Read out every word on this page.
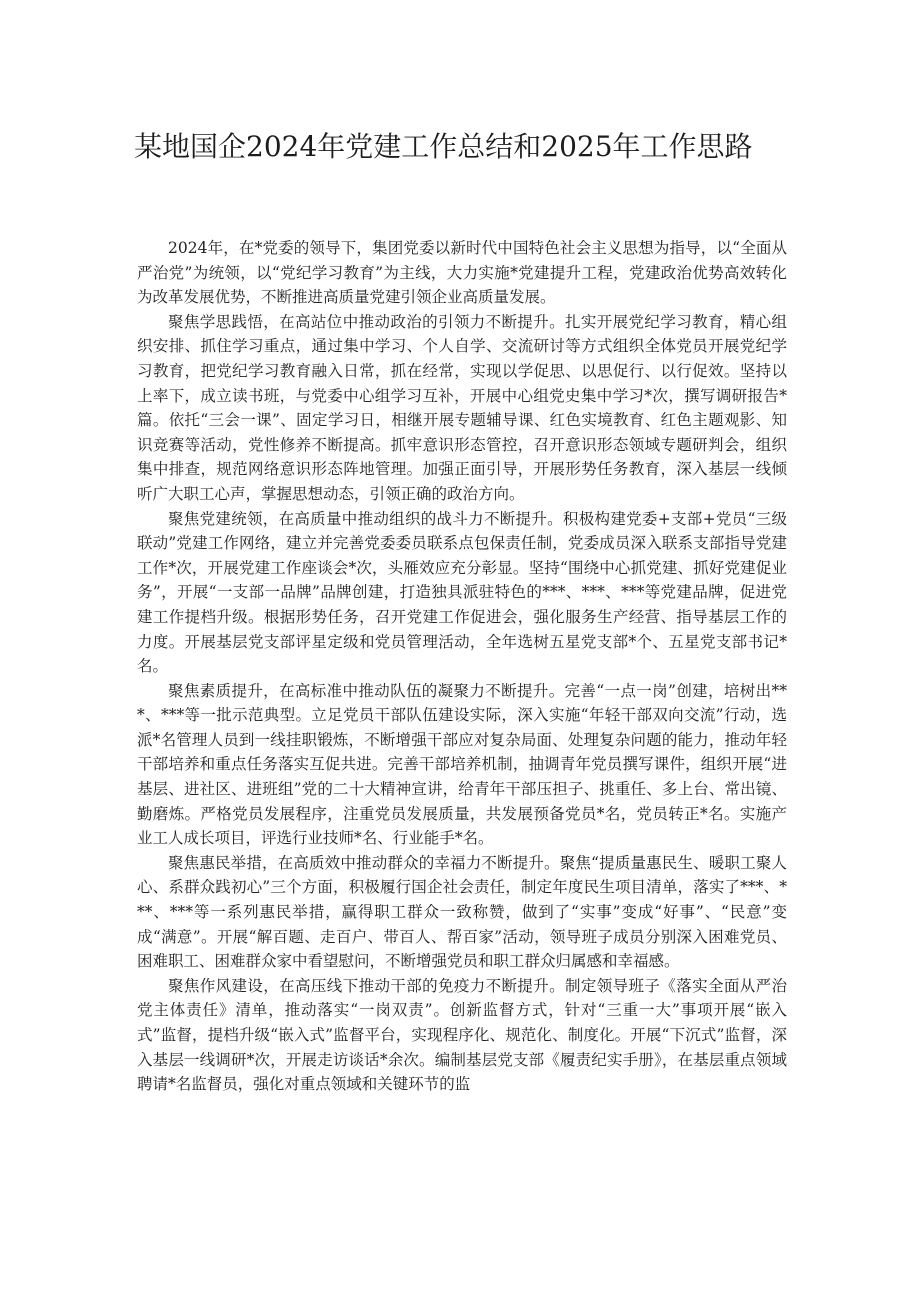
某地国企2024年党建工作总结和2025年工作思路

2024年，在*党委的领导下，集团党委以新时代中国特色社会主义思想为指导，以“全面从严治党”为统领，以“党纪学习教育”为主线，大力实施*党建提升工程，党建政治优势高效转化为改革发展优势，不断推进高质量党建引领企业高质量发展。

聚焦学思践悟，在高站位中推动政治的引领力不断提升。扎实开展党纪学习教育，精心组织安排、抓住学习重点，通过集中学习、个人自学、交流研讨等方式组织全体党员开展党纪学习教育，把党纪学习教育融入日常，抓在经常，实现以学促思、以思促行、以行促效。坚持以上率下，成立读书班，与党委中心组学习互补，开展中心组党史集中学习*次，撰写调研报告*篇。依托“三会一课”、固定学习日，相继开展专题辅导课、红色实境教育、红色主题观影、知识竞赛等活动，党性修养不断提高。抓牢意识形态管控，召开意识形态领域专题研判会，组织集中排查，规范网络意识形态阵地管理。加强正面引导，开展形势任务教育，深入基层一线倾听广大职工心声，掌握思想动态，引领正确的政治方向。

聚焦党建统领，在高质量中推动组织的战斗力不断提升。积极构建党委+支部+党员“三级联动”党建工作网络，建立并完善党委委员联系点包保责任制，党委成员深入联系支部指导党建工作*次，开展党建工作座谈会*次，头雁效应充分彰显。坚持“围绕中心抓党建、抓好党建促业务”，开展“一支部一品牌”品牌创建，打造独具派驻特色的***、***、***等党建品牌，促进党建工作提档升级。根据形势任务，召开党建工作促进会，强化服务生产经营、指导基层工作的力度。开展基层党支部评星定级和党员管理活动，全年选树五星党支部*个、五星党支部书记*名。

聚焦素质提升，在高标准中推动队伍的凝聚力不断提升。完善“一点一岗”创建，培树出***、***等一批示范典型。立足党员干部队伍建设实际，深入实施“年轻干部双向交流”行动，选派*名管理人员到一线挂职锻炼，不断增强干部应对复杂局面、处理复杂问题的能力，推动年轻干部培养和重点任务落实互促共进。完善干部培养机制，抽调青年党员撰写课件，组织开展“进基层、进社区、进班组”党的二十大精神宣讲，给青年干部压担子、挑重任、多上台、常出镜、勤磨炼。严格党员发展程序，注重党员发展质量，共发展预备党员*名，党员转正*名。实施产业工人成长项目，评选行业技师*名、行业能手*名。

聚焦惠民举措，在高质效中推动群众的幸福力不断提升。聚焦“提质量惠民生、暖职工聚人心、系群众践初心”三个方面，积极履行国企社会责任，制定年度民生项目清单，落实了***、***、***等一系列惠民举措，赢得职工群众一致称赞，做到了“实事”变成“好事”、“民意”变成“满意”。开展“解百题、走百户、带百人、帮百家”活动，领导班子成员分别深入困难党员、困难职工、困难群众家中看望慰问，不断增强党员和职工群众归属感和幸福感。

聚焦作风建设，在高压线下推动干部的免疫力不断提升。制定领导班子《落实全面从严治党主体责任》清单，推动落实“一岗双责”。创新监督方式，针对“三重一大”事项开展“嵌入式”监督，提档升级“嵌入式”监督平台，实现程序化、规范化、制度化。开展“下沉式”监督，深入基层一线调研*次，开展走访谈话*余次。编制基层党支部《履责纪实手册》，在基层重点领域聘请*名监督员，强化对重点领域和关键环节的监
